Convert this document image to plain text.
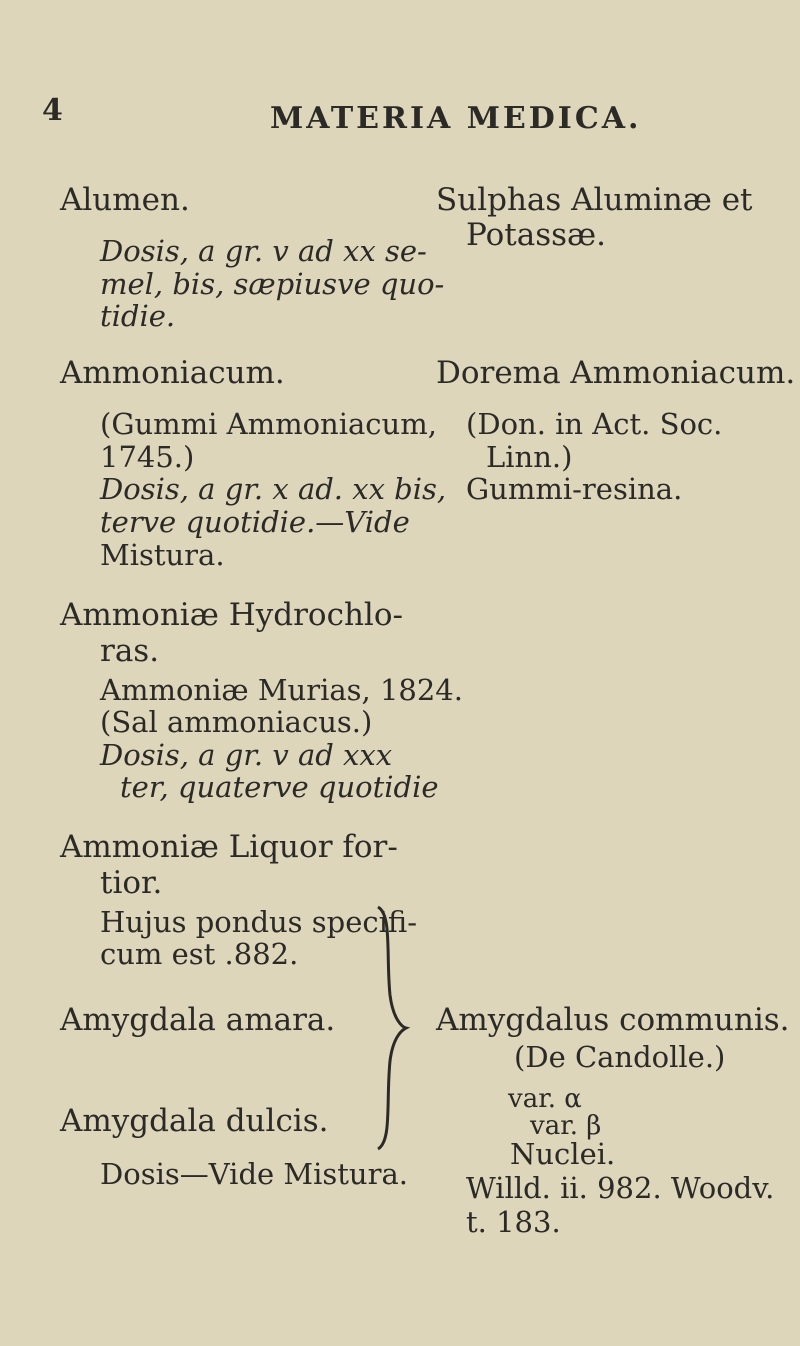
4	MATERIA MEDICA.
Alumen.
Dosis, a gr. v ad xx se-
mel, bis, sæpiusve quo-
tidie.
Ammoniacum.
(Gummi Ammoniacum,
1745.)
Dosis, a gr. x ad. xx bis,
terve quotidie.—Vide
Mistura.
Ammoniæ Hydrochlo-
ras.
Ammoniæ Murias, 1824.
(Sal ammoniacus.)
Dosis, a gr. v ad xxx
ter, quaterve quotidie
Ammoniæ Liquor for-
tior.
Hujus pondus specifi-
cum est .882.
Amygdala amara.
Amygdala dulcis.
Dosis—Vide Mistura.
Sulphas Aluminæ et
Potassæ.
Dorema Ammoniacum.
(Don. in Act. Soc.
Linn.)
Gummi-resina.
Amygdalus communis.
(De Candolle.)
var. α
var. β
Nuclei.
Willd. ii. 982. Woodv.
t. 183.
